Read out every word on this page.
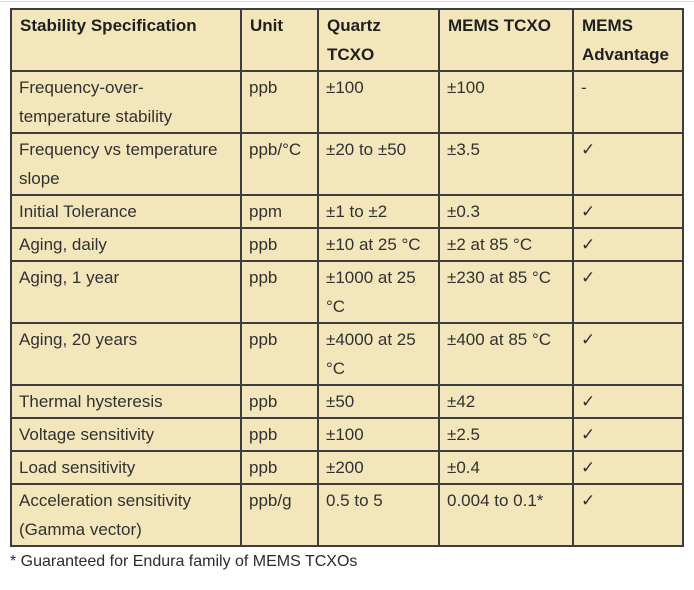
Stability Specification	Unit	Quartz TCXO	MEMS TCXO	MEMS Advantage
Frequency-over-temperature stability	ppb	±100	±100	-
Frequency vs temperature slope	ppb/°C	±20 to ±50	±3.5	✓
Initial Tolerance	ppm	±1 to ±2	±0.3	✓
Aging, daily	ppb	±10 at 25 °C	±2 at 85 °C	✓
Aging, 1 year	ppb	±1000 at 25 °C	±230 at 85 °C	✓
Aging, 20 years	ppb	±4000 at 25 °C	±400 at 85 °C	✓
Thermal hysteresis	ppb	±50	±42	✓
Voltage sensitivity	ppb	±100	±2.5	✓
Load sensitivity	ppb	±200	±0.4	✓
Acceleration sensitivity (Gamma vector)	ppb/g	0.5 to 5	0.004 to 0.1*	✓
* Guaranteed for Endura family of MEMS TCXOs
